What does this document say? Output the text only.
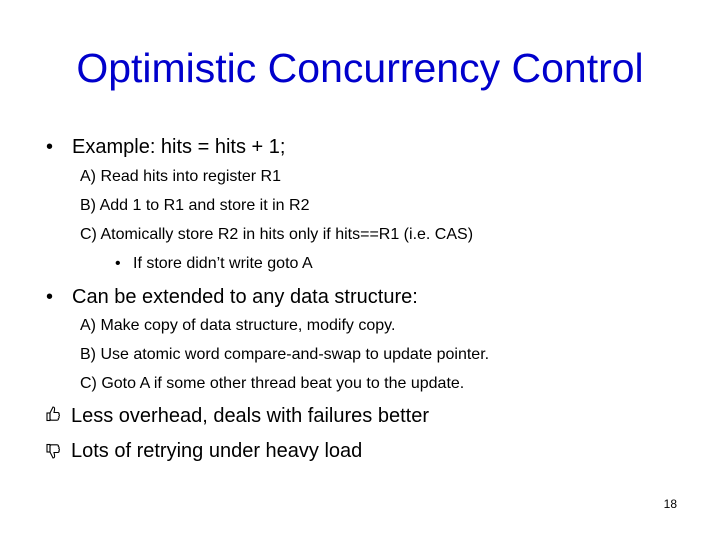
Optimistic Concurrency Control
• Example: hits = hits + 1;
A) Read hits into register R1
B) Add 1 to R1 and store it in R2
C) Atomically store R2 in hits only if hits==R1 (i.e. CAS)
• If store didn’t write goto A
• Can be extended to any data structure:
A) Make copy of data structure, modify copy.
B) Use atomic word compare-and-swap to update pointer.
C) Goto A if some other thread beat you to the update.
Less overhead, deals with failures better
Lots of retrying under heavy load
18
